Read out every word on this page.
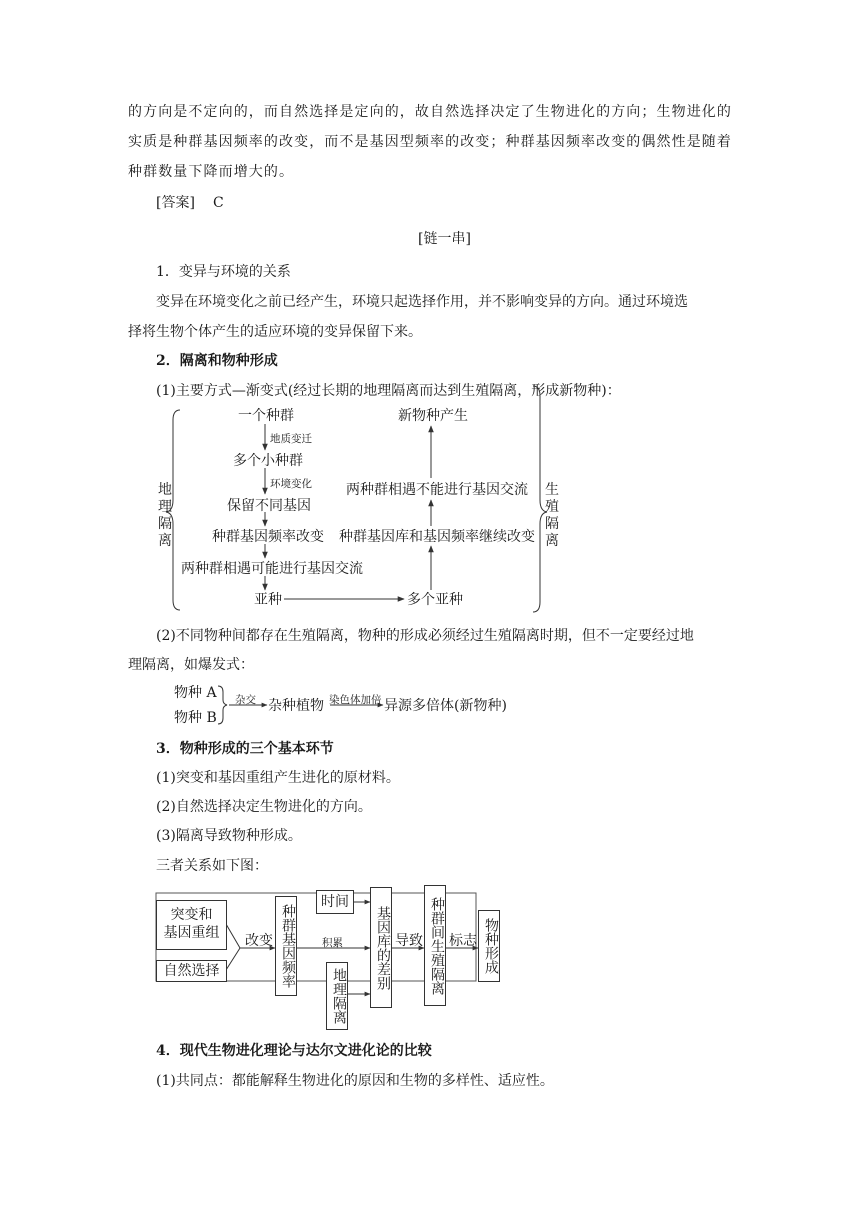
的方向是不定向的，而自然选择是定向的，故自然选择决定了生物进化的方向；生物进化的
实质是种群基因频率的改变，而不是基因型频率的改变；种群基因频率改变的偶然性是随着
种群数量下降而增大的。
[答案] C
[链一串]
1．变异与环境的关系
变异在环境变化之前已经产生，环境只起选择作用，并不影响变异的方向。通过环境选
择将生物个体产生的适应环境的变异保留下来。
2．隔离和物种形成
(1)主要方式—渐变式(经过长期的地理隔离而达到生殖隔离，形成新物种)：
地理隔离
生殖隔离
一个种群
地质变迁
多个小种群
环境变化
保留不同基因
种群基因频率改变
两种群相遇可能进行基因交流
亚种	多个亚种
种群基因库和基因频率继续改变
两种群相遇不能进行基因交流
新物种产生
(2)不同物种间都存在生殖隔离，物种的形成必须经过生殖隔离时期，但不一定要经过地
理隔离，如爆发式：
物种 A
物种 B
杂交 杂种植物 染色体加倍 异源多倍体(新物种)
3．物种形成的三个基本环节
(1)突变和基因重组产生进化的原材料。
(2)自然选择决定生物进化的方向。
(3)隔离导致物种形成。
三者关系如下图：
突变和
基因重组
自然选择
改变 种群基因频率 积累
时间
地理隔离
基因库的差别 导致 种群间生殖隔离 标志 物种形成
4．现代生物进化理论与达尔文进化论的比较
(1)共同点：都能解释生物进化的原因和生物的多样性、适应性。
